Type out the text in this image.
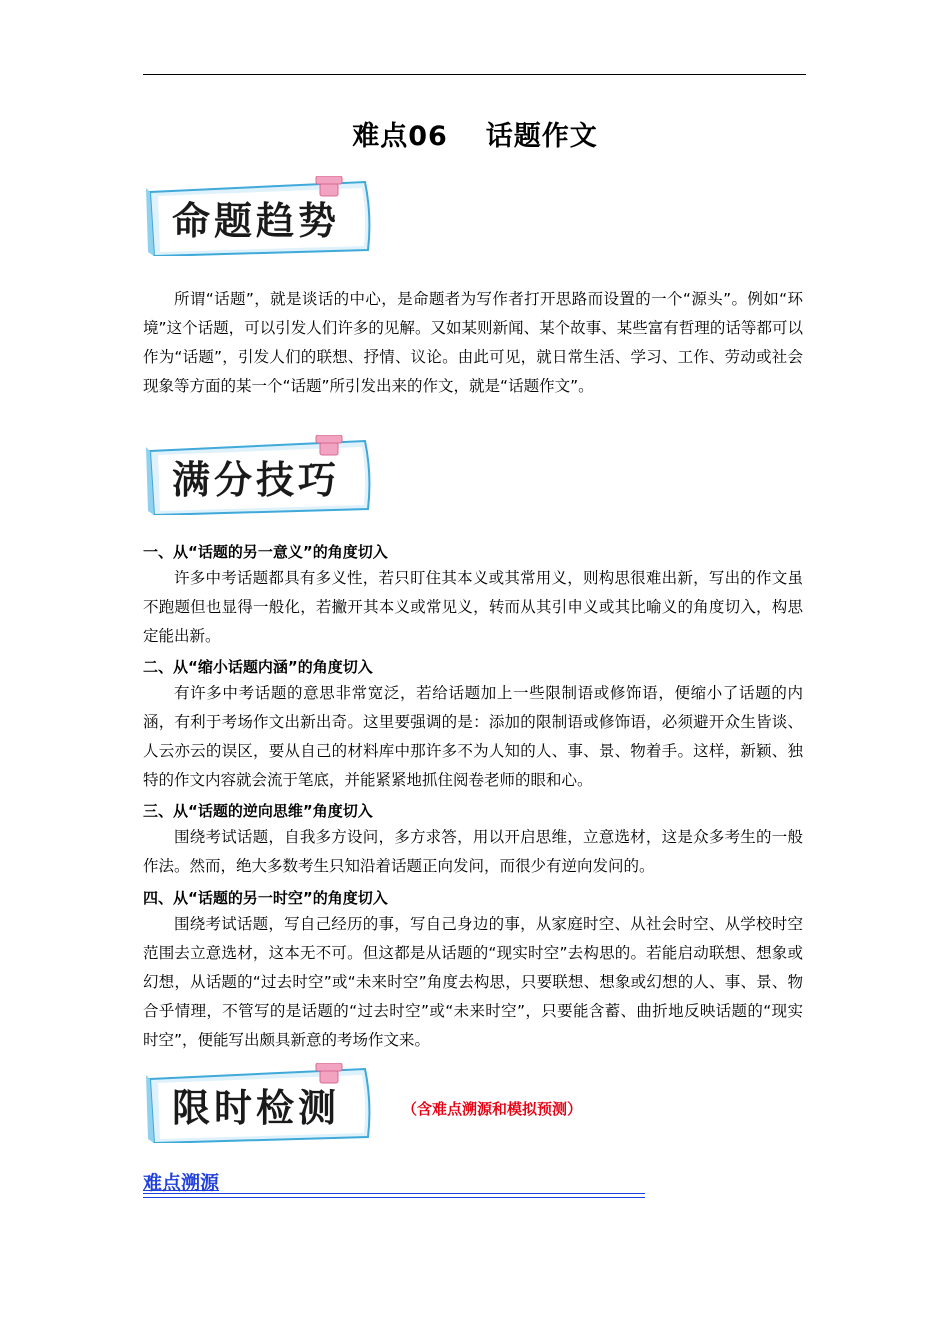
难点06 话题作文
命题趋势

所谓“话题”，就是谈话的中心，是命题者为写作者打开思路而设置的一个“源头”。例如“环境”这个话题，可以引发人们许多的见解。又如某则新闻、某个故事、某些富有哲理的话等都可以作为“话题”，引发人们的联想、抒情、议论。由此可见，就日常生活、学习、工作、劳动或社会现象等方面的某一个“话题”所引发出来的作文，就是“话题作文”。

满分技巧
一、从“话题的另一意义”的角度切入

许多中考话题都具有多义性，若只盯住其本义或其常用义，则构思很难出新，写出的作文虽不跑题但也显得一般化，若撇开其本义或常见义，转而从其引申义或其比喻义的角度切入，构思定能出新。

二、从“缩小话题内涵”的角度切入

有许多中考话题的意思非常宽泛，若给话题加上一些限制语或修饰语，便缩小了话题的内涵，有利于考场作文出新出奇。这里要强调的是：添加的限制语或修饰语，必须避开众生皆谈、人云亦云的误区，要从自己的材料库中那许多不为人知的人、事、景、物着手。这样，新颖、独特的作文内容就会流于笔底，并能紧紧地抓住阅卷老师的眼和心。

三、从“话题的逆向思维”角度切入

围绕考试话题，自我多方设问，多方求答，用以开启思维，立意选材，这是众多考生的一般作法。然而，绝大多数考生只知沿着话题正向发问，而很少有逆向发问的。

四、从“话题的另一时空”的角度切入

围绕考试话题，写自己经历的事，写自己身边的事，从家庭时空、从社会时空、从学校时空范围去立意选材，这本无不可。但这都是从话题的“现实时空”去构思的。若能启动联想、想象或幻想，从话题的“过去时空”或“未来时空”角度去构思，只要联想、想象或幻想的人、事、景、物合乎情理，不管写的是话题的“过去时空”或“未来时空”，只要能含蓄、曲折地反映话题的“现实时空”，便能写出颇具新意的考场作文来。

限时检测	（含难点溯源和模拟预测）
难点溯源
